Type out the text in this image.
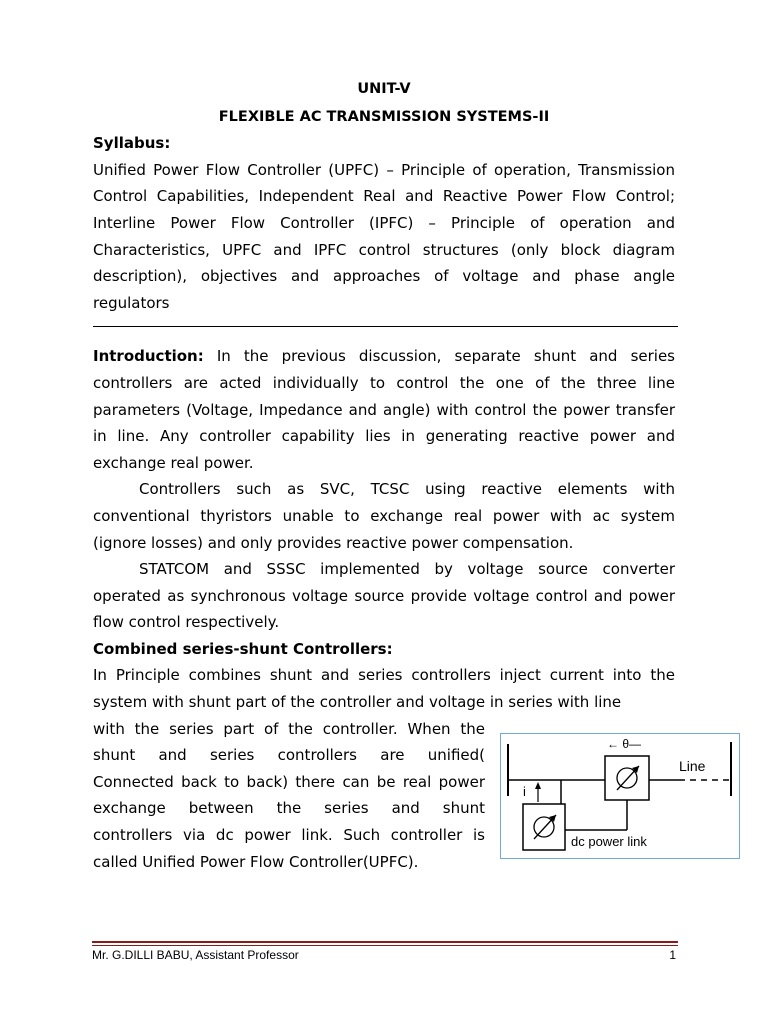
UNIT-V
FLEXIBLE AC TRANSMISSION SYSTEMS-II
Syllabus:

Unified Power Flow Controller (UPFC) – Principle of operation, Transmission Control Capabilities, Independent Real and Reactive Power Flow Control; Interline Power Flow Controller (IPFC) – Principle of operation and Characteristics, UPFC and IPFC control structures (only block diagram description), objectives and approaches of voltage and phase angle regulators

Introduction: In the previous discussion, separate shunt and series controllers are acted individually to control the one of the three line parameters (Voltage, Impedance and angle) with control the power transfer in line. Any controller capability lies in generating reactive power and exchange real power.

Controllers such as SVC, TCSC using reactive elements with conventional thyristors unable to exchange real power with ac system (ignore losses) and only provides reactive power compensation.

STATCOM and SSSC implemented by voltage source converter operated as synchronous voltage source provide voltage control and power flow control respectively.

Combined series-shunt Controllers:

In Principle combines shunt and series controllers inject current into the system with shunt part of the controller and voltage in series with line

with the series part of the controller. When the
shunt and series controllers are unified(
Connected back to back) there can be real power
exchange between the series and shunt
controllers via dc power link. Such controller is
called Unified Power Flow Controller(UPFC).
Line
← θ—
i
dc power link
Mr. G.DILLI BABU, Assistant Professor	1
